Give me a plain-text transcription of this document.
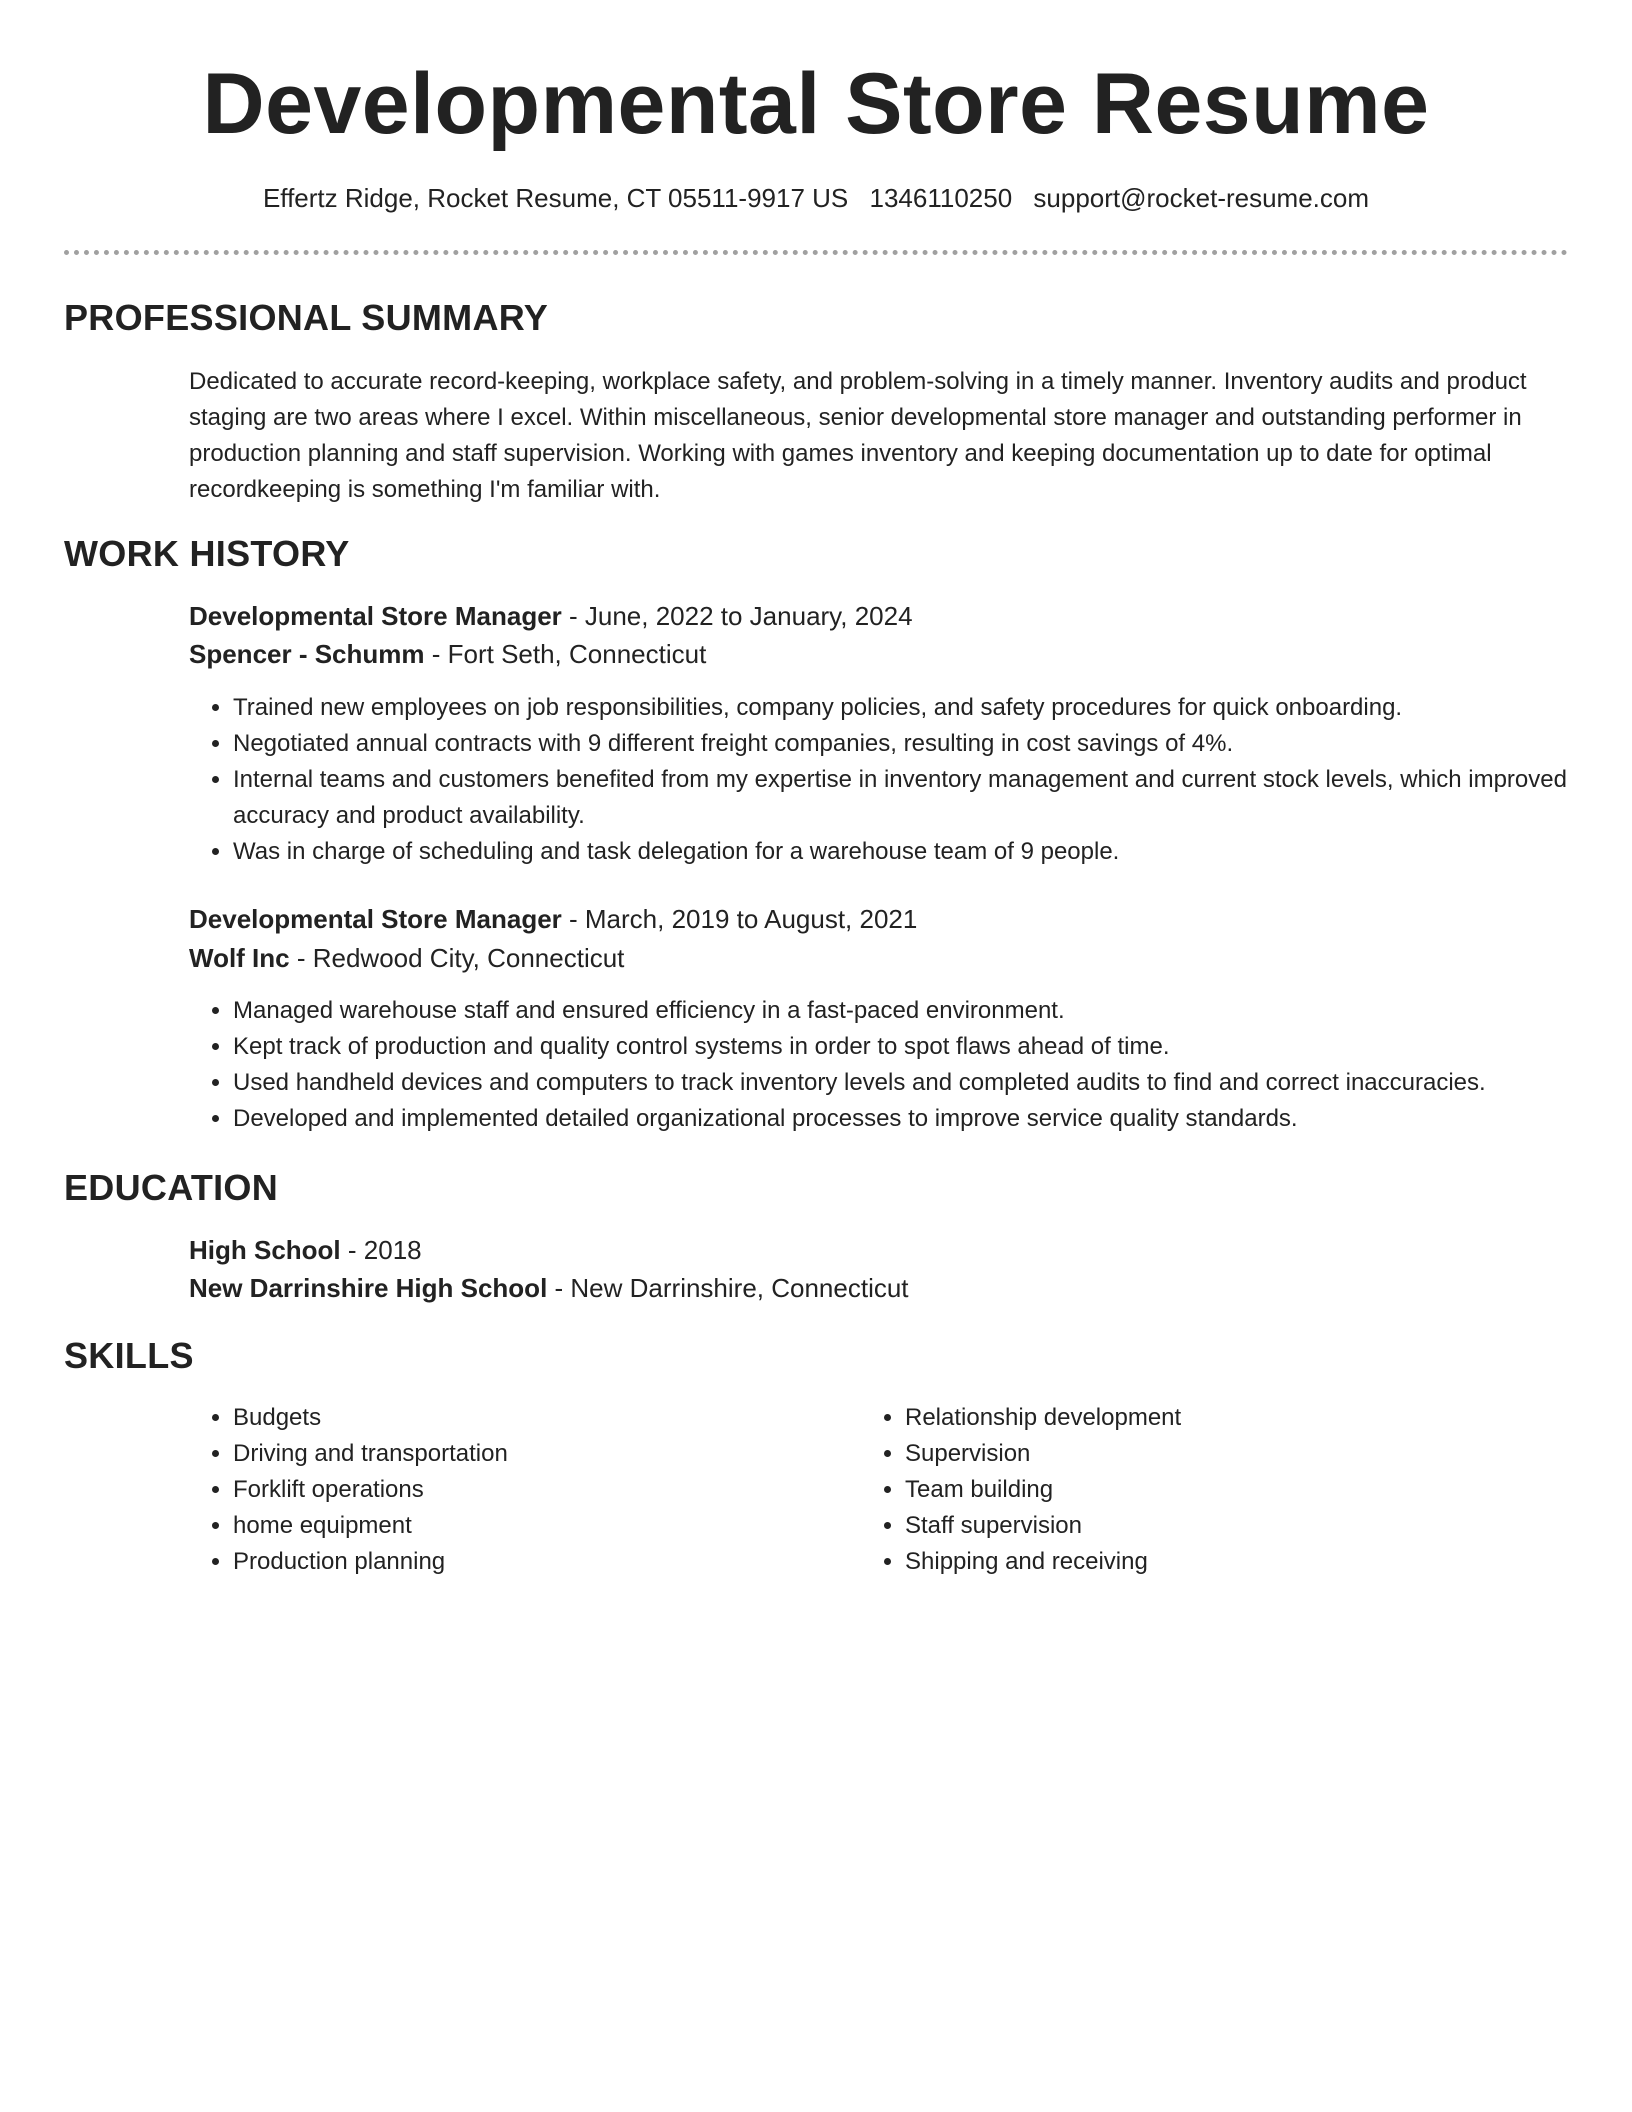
Developmental Store Resume
Effertz Ridge, Rocket Resume, CT 05511-9917 US 1346110250 support@rocket-resume.com
PROFESSIONAL SUMMARY

Dedicated to accurate record-keeping, workplace safety, and problem-solving in a timely manner. Inventory audits and product staging are two areas where I excel. Within miscellaneous, senior developmental store manager and outstanding performer in production planning and staff supervision. Working with games inventory and keeping documentation up to date for optimal recordkeeping is something I'm familiar with.

WORK HISTORY

Developmental Store Manager - June, 2022 to January, 2024

Spencer - Schumm - Fort Seth, Connecticut

• Trained new employees on job responsibilities, company policies, and safety procedures for quick onboarding.
• Negotiated annual contracts with 9 different freight companies, resulting in cost savings of 4%.
• Internal teams and customers benefited from my expertise in inventory management and current stock levels, which improved accuracy and product availability.
• Was in charge of scheduling and task delegation for a warehouse team of 9 people.

Developmental Store Manager - March, 2019 to August, 2021

Wolf Inc - Redwood City, Connecticut

• Managed warehouse staff and ensured efficiency in a fast-paced environment.
• Kept track of production and quality control systems in order to spot flaws ahead of time.
• Used handheld devices and computers to track inventory levels and completed audits to find and correct inaccuracies.
• Developed and implemented detailed organizational processes to improve service quality standards.
EDUCATION

High School - 2018

New Darrinshire High School - New Darrinshire, Connecticut

SKILLS
• Budgets
• Driving and transportation
• Forklift operations
• home equipment
• Production planning
• Relationship development
• Supervision
• Team building
• Staff supervision
• Shipping and receiving
